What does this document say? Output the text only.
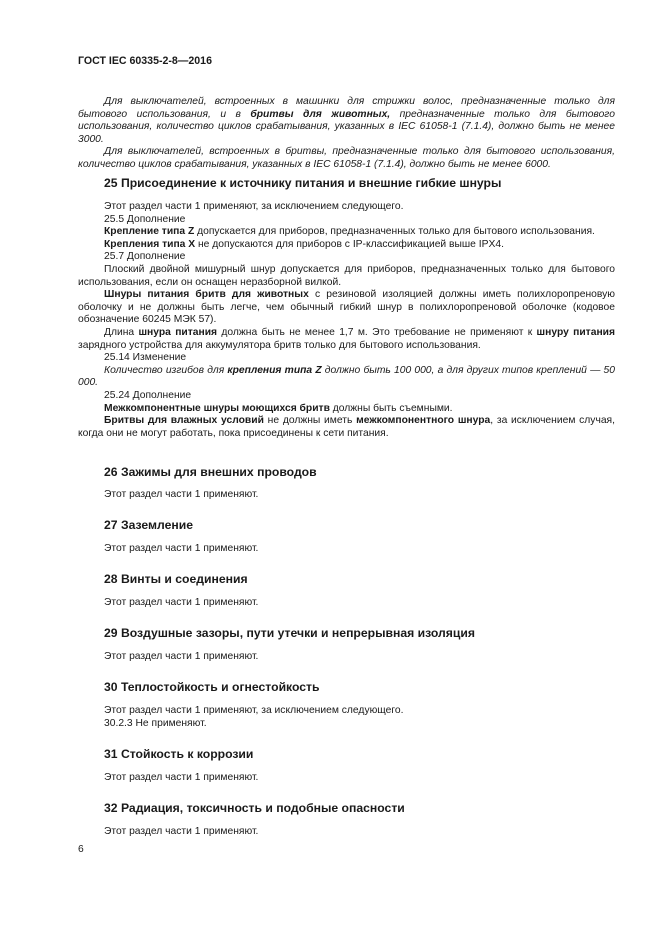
ГОСТ IEC 60335-2-8—2016

Для выключателей, встроенных в машинки для стрижки волос, предназначенные только для бытового использования, и в бритвы для животных, предназначенные только для бытового использования, количество циклов срабатывания, указанных в IEC 61058-1 (7.1.4), должно быть не менее 3000.

Для выключателей, встроенных в бритвы, предназначенные только для бытового использования, количество циклов срабатывания, указанных в IEC 61058-1 (7.1.4), должно быть не менее 6000.

25 Присоединение к источнику питания и внешние гибкие шнуры

Этот раздел части 1 применяют, за исключением следующего.

25.5 Дополнение

Крепление типа Z допускается для приборов, предназначенных только для бытового использования.

Крепления типа X не допускаются для приборов с IP-классификацией выше IPX4.

25.7 Дополнение

Плоский двойной мишурный шнур допускается для приборов, предназначенных только для бытового использования, если он оснащен неразборной вилкой.

Шнуры питания бритв для животных с резиновой изоляцией должны иметь полихлоропреновую оболочку и не должны быть легче, чем обычный гибкий шнур в полихлоропреновой оболочке (кодовое обозначение 60245 МЭК 57).

Длина шнура питания должна быть не менее 1,7 м. Это требование не применяют к шнуру питания зарядного устройства для аккумулятора бритв только для бытового использования.

25.14 Изменение

Количество изгибов для крепления типа Z должно быть 100 000, а для других типов креплений — 50 000.

25.24 Дополнение

Межкомпонентные шнуры моющихся бритв должны быть съемными.

Бритвы для влажных условий не должны иметь межкомпонентного шнура, за исключением случая, когда они не могут работать, пока присоединены к сети питания.

26 Зажимы для внешних проводов

Этот раздел части 1 применяют.

27 Заземление

Этот раздел части 1 применяют.

28 Винты и соединения

Этот раздел части 1 применяют.

29 Воздушные зазоры, пути утечки и непрерывная изоляция

Этот раздел части 1 применяют.

30 Теплостойкость и огнестойкость

Этот раздел части 1 применяют, за исключением следующего.

30.2.3 Не применяют.

31 Стойкость к коррозии

Этот раздел части 1 применяют.

32 Радиация, токсичность и подобные опасности

Этот раздел части 1 применяют.

6
